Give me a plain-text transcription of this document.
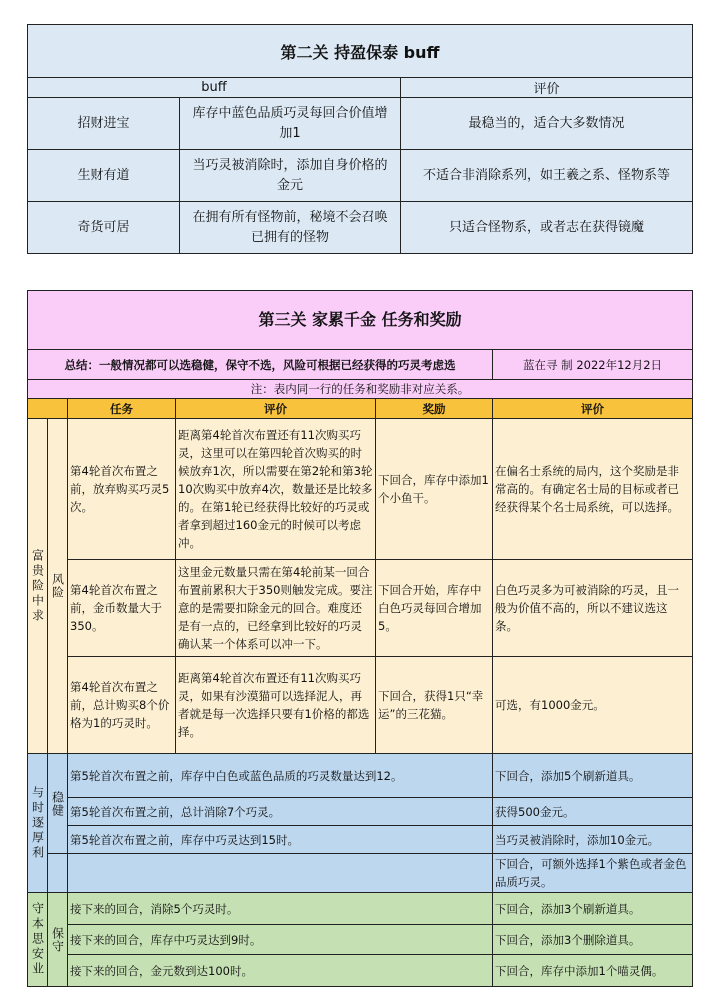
第二关 持盈保泰 buff		
buff		评价
招财进宝	库存中蓝色品质巧灵每回合价值增加1	最稳当的，适合大多数情况
生财有道	当巧灵被消除时，添加自身价格的金元	不适合非消除系列，如王羲之系、怪物系等
奇货可居	在拥有所有怪物前，秘境不会召唤已拥有的怪物	只适合怪物系，或者志在获得镜魔
第三关 家累千金 任务和奖励					
总结：一般情况都可以选稳健，保守不选，风险可根据已经获得的巧灵考虑选					蓝在寻 制 2022年12月2日
注：表内同一行的任务和奖励非对应关系。					
		任务	评价	奖励	评价
富贵险中求	风险	第4轮首次布置之前，放弃购买巧灵5次。	距离第4轮首次布置还有11次购买巧灵，这里可以在第四轮首次购买的时候放弃1次，所以需要在第2轮和第3轮10次购买中放弃4次，数量还是比较多的。在第1轮已经获得比较好的巧灵或者拿到超过160金元的时候可以考虑冲。	下回合，库存中添加1个小鱼干。	在偏名士系统的局内，这个奖励是非常高的。有确定名士局的目标或者已经获得某个名士局系统，可以选择。
		第4轮首次布置之前，金币数量大于350。	这里金元数量只需在第4轮前某一回合布置前累积大于350则触发完成。要注意的是需要扣除金元的回合。难度还是有一点的，已经拿到比较好的巧灵确认某一个体系可以冲一下。	下回合开始，库存中白色巧灵每回合增加5。	白色巧灵多为可被消除的巧灵，且一般为价值不高的，所以不建议选这条。
		第4轮首次布置之前，总计购买8个价格为1的巧灵时。	距离第4轮首次布置还有11次购买巧灵，如果有沙漠猫可以选择泥人，再者就是每一次选择只要有1价格的都选择。	下回合，获得1只“幸运”的三花猫。	可选，有1000金元。
与时逐厚利	稳健	第5轮首次布置之前，库存中白色或蓝色品质的巧灵数量达到12。			下回合，添加5个刷新道具。
		第5轮首次布置之前，总计消除7个巧灵。			获得500金元。
		第5轮首次布置之前，库存中巧灵达到15时。			当巧灵被消除时，添加10金元。
					下回合，可额外选择1个紫色或者金色品质巧灵。
守本思安业	保守	接下来的回合，消除5个巧灵时。			下回合，添加3个刷新道具。
		接下来的回合，库存中巧灵达到9时。			下回合，添加3个删除道具。
		接下来的回合，金元数到达100时。			下回合，库存中添加1个喵灵偶。
